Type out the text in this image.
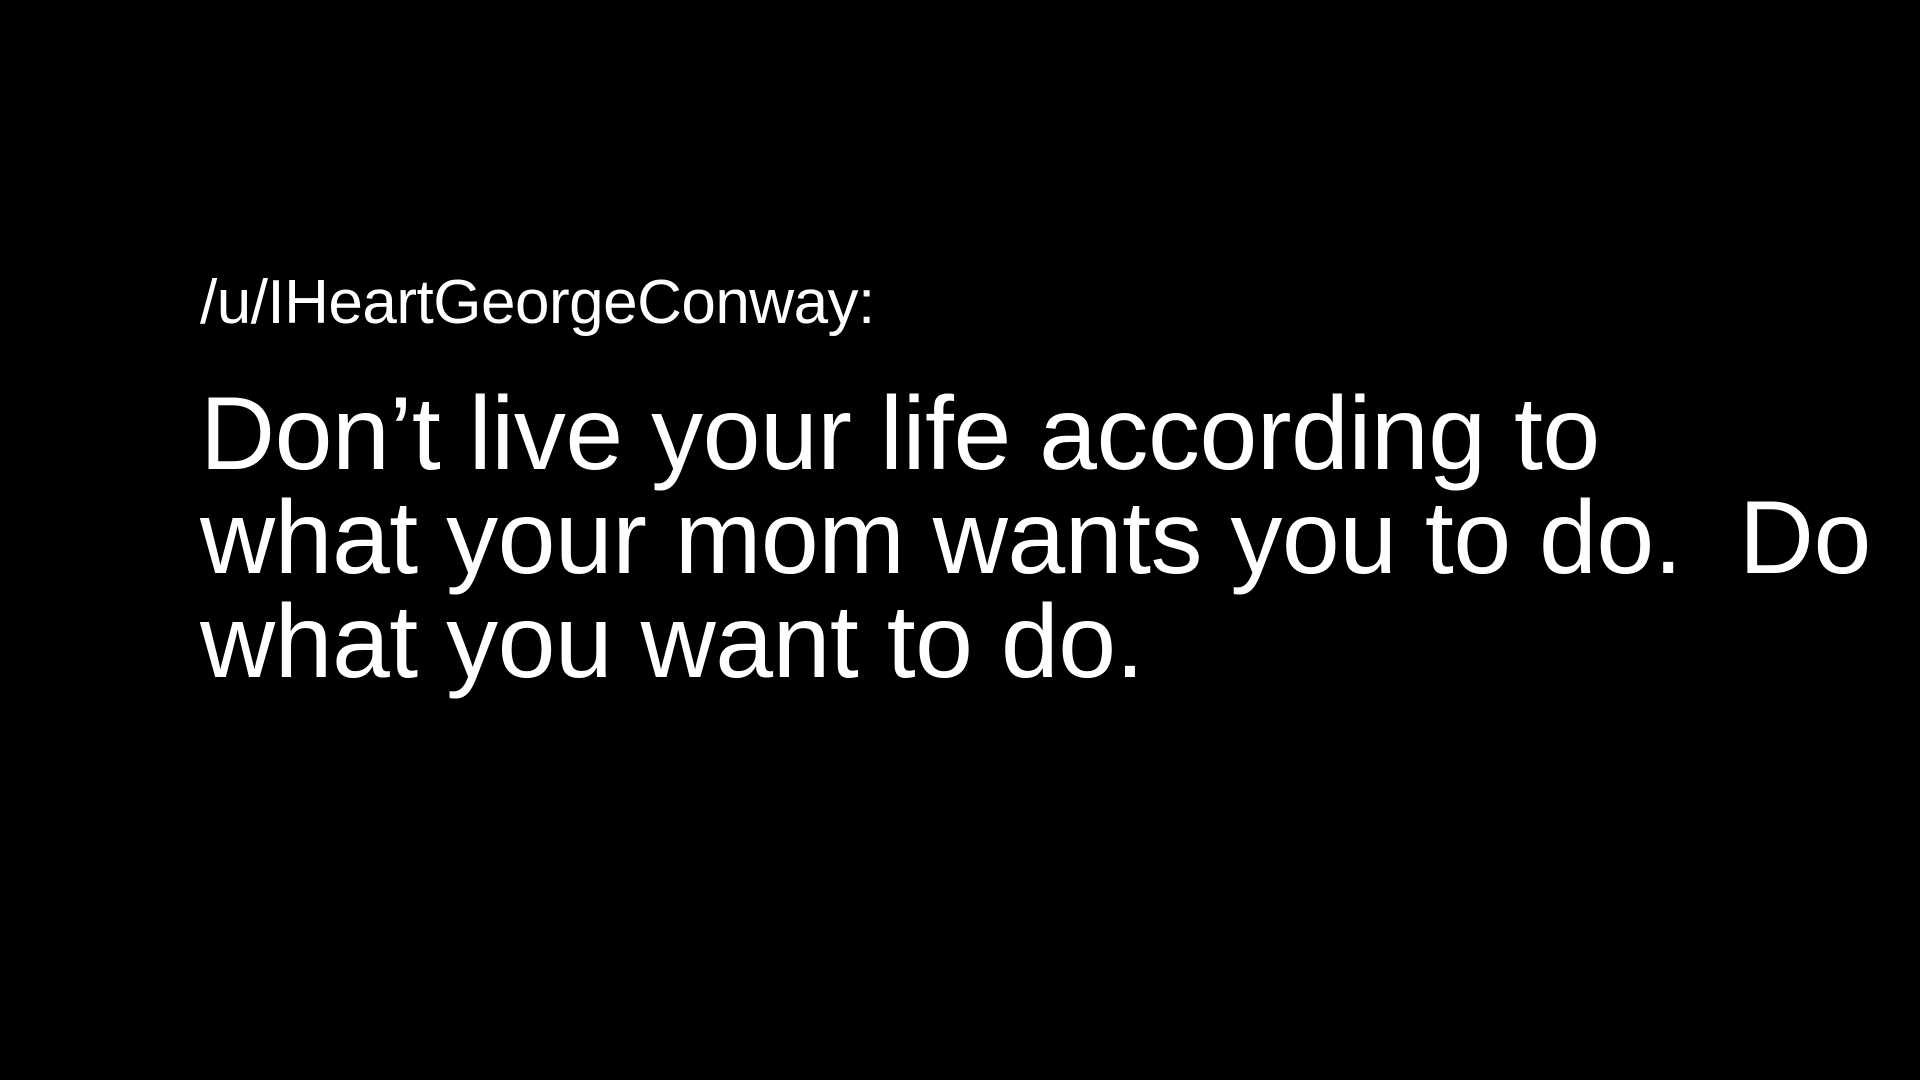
/u/IHeartGeorgeConway:
Don’t live your life according to
what your mom wants you to do.  Do
what you want to do.
